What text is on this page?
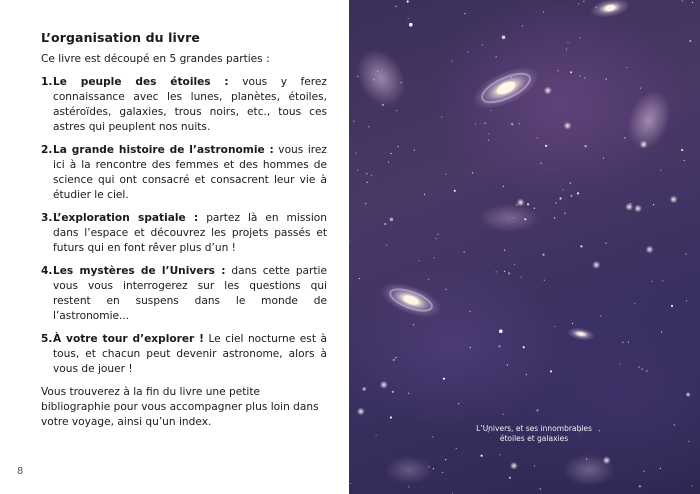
L’organisation du livre

Ce livre est découpé en 5 grandes parties :

1. Le peuple des étoiles : vous y ferez connaissance avec les lunes, planètes, étoiles, astéroïdes, galaxies, trous noirs, etc., tous ces astres qui peuplent nos nuits.
2. La grande histoire de l’astronomie : vous irez ici à la rencontre des femmes et des hommes de science qui ont consacré et consacrent leur vie à étudier le ciel.
3. L’exploration spatiale : partez là en mission dans l’espace et découvrez les projets passés et futurs qui en font rêver plus d’un !
4. Les mystères de l’Univers : dans cette partie vous vous interrogerez sur les questions qui restent en suspens dans le monde de l’astronomie...
5. À votre tour d’explorer ! Le ciel nocturne est à tous, et chacun peut devenir astronome, alors à vous de jouer !

Vous trouverez à la fin du livre une petite bibliographie pour vous accompagner plus loin dans votre voyage, ainsi qu’un index.

8
L’Univers, et ses innombrables
étoiles et galaxies
